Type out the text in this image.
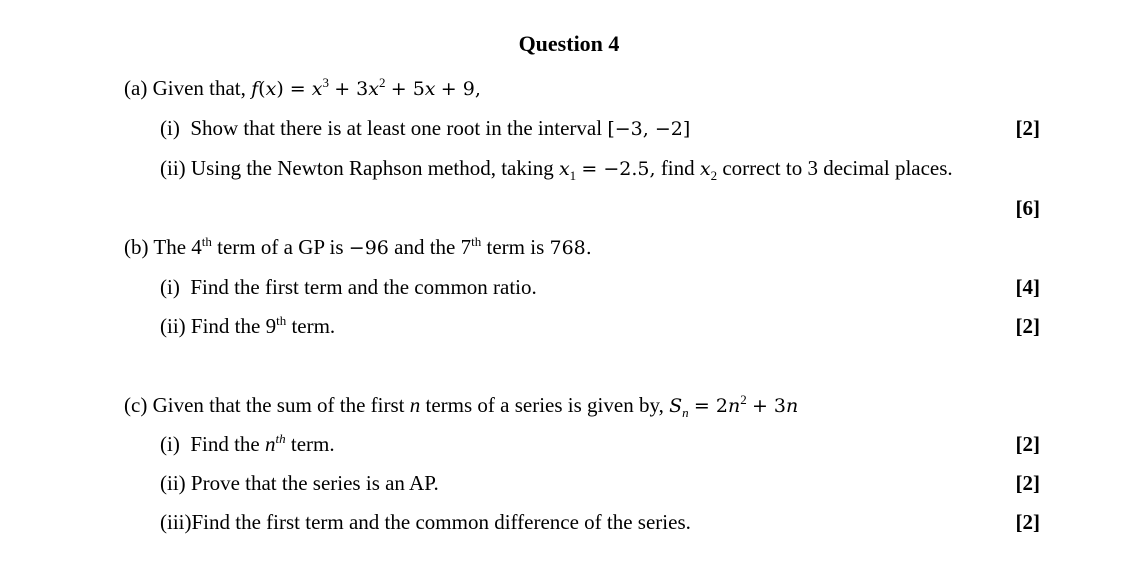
Question 4
(a) Given that, $f(x) = x^3 + 3x^2 + 5x + 9$,
(i) Show that there is at least one root in the interval [−3, −2]	[2]
(ii) Using the Newton Raphson method, taking $x_1 = -2.5$, find $x_2$ correct to 3 decimal places.
[6]
(b) The 4th term of a GP is −96 and the 7th term is 768.
(i) Find the first term and the common ratio.	[4]
(ii) Find the 9th term.	[2]
(c) Given that the sum of the first n terms of a series is given by, $S_n = 2n^2 + 3n$
(i) Find the $n^{th}$ term.	[2]
(ii) Prove that the series is an AP.	[2]
(iii)Find the first term and the common difference of the series.	[2]
